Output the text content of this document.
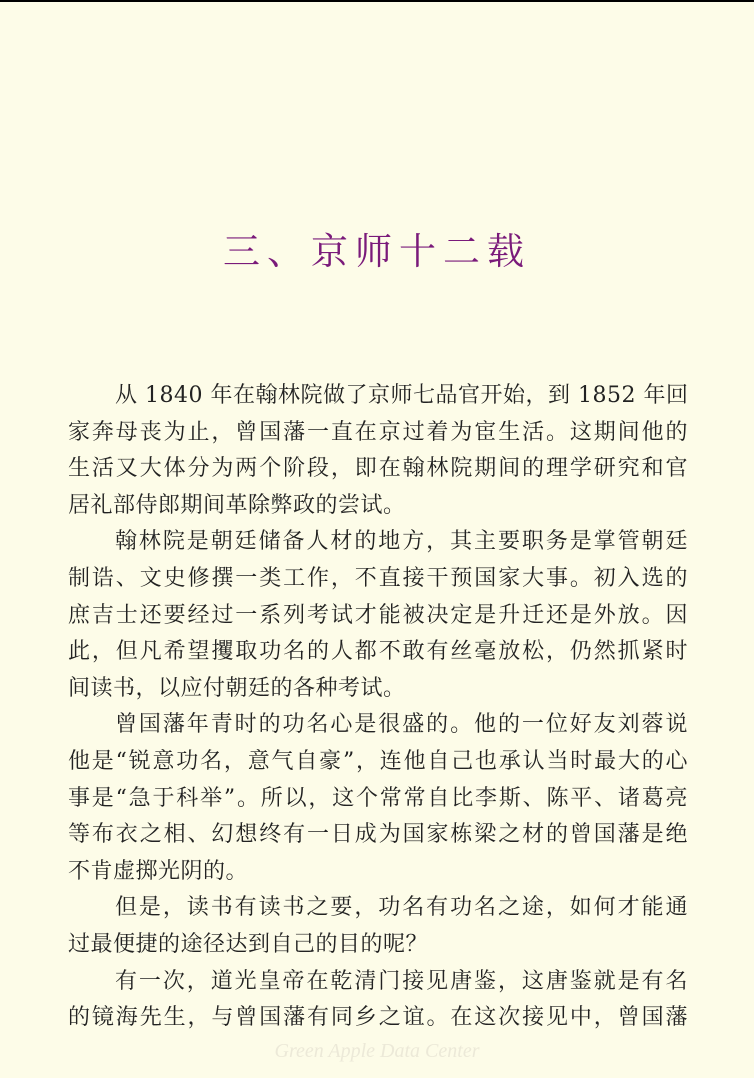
三、京师十二载
从 1840 年在翰林院做了京师七品官开始，到 1852 年回
家奔母丧为止，曾国藩一直在京过着为宦生活。这期间他的
生活又大体分为两个阶段，即在翰林院期间的理学研究和官
居礼部侍郎期间革除弊政的尝试。
翰林院是朝廷储备人材的地方，其主要职务是掌管朝廷
制诰、文史修撰一类工作，不直接干预国家大事。初入选的
庶吉士还要经过一系列考试才能被决定是升迁还是外放。因
此，但凡希望攫取功名的人都不敢有丝毫放松，仍然抓紧时
间读书，以应付朝廷的各种考试。
曾国藩年青时的功名心是很盛的。他的一位好友刘蓉说
他是“锐意功名，意气自豪”，连他自己也承认当时最大的心
事是“急于科举”。所以，这个常常自比李斯、陈平、诸葛亮
等布衣之相、幻想终有一日成为国家栋梁之材的曾国藩是绝
不肯虚掷光阴的。
但是，读书有读书之要，功名有功名之途，如何才能通
过最便捷的途径达到自己的目的呢？
有一次，道光皇帝在乾清门接见唐鉴，这唐鉴就是有名
的镜海先生，与曾国藩有同乡之谊。在这次接见中，曾国藩
Green Apple Data Center
